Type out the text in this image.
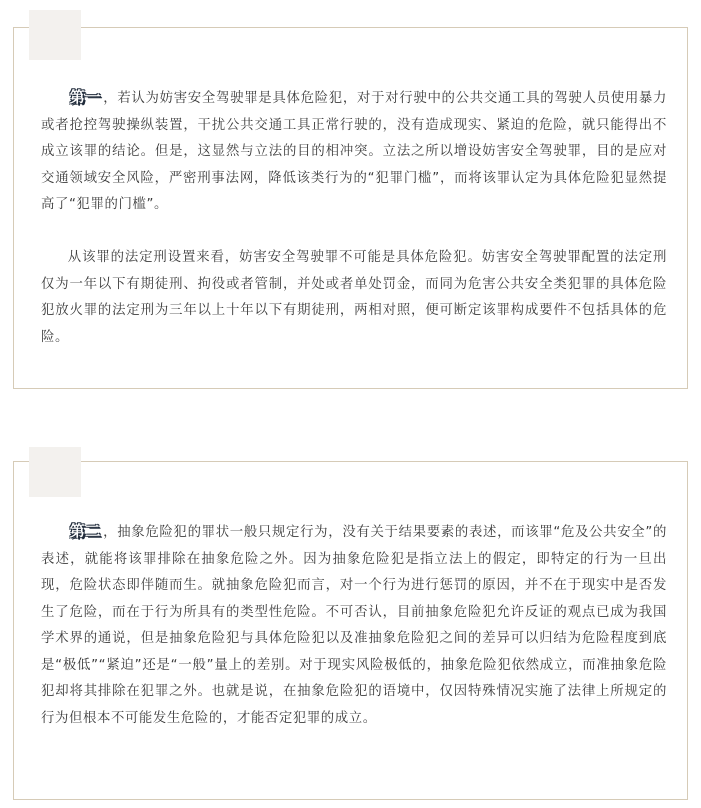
第一 ，若认为妨害安全驾驶罪是具体危险犯，对于对行驶中的公共交通工具的驾驶人员使用暴力或者抢控驾驶操纵装置，干扰公共交通工具正常行驶的，没有造成现实、紧迫的危险，就只能得出不成立该罪的结论。但是，这显然与立法的目的相冲突。立法之所以增设妨害安全驾驶罪，目的是应对交通领域安全风险，严密刑事法网，降低该类行为的“犯罪门槛”，而将该罪认定为具体危险犯显然提高了“犯罪的门槛”。

从该罪的法定刑设置来看，妨害安全驾驶罪不可能是具体危险犯。妨害安全驾驶罪配置的法定刑仅为一年以下有期徒刑、拘役或者管制，并处或者单处罚金，而同为危害公共安全类犯罪的具体危险犯放火罪的法定刑为三年以上十年以下有期徒刑，两相对照，便可断定该罪构成要件不包括具体的危险。

第二 ，抽象危险犯的罪状一般只规定行为，没有关于结果要素的表述，而该罪“危及公共安全”的表述，就能将该罪排除在抽象危险之外。因为抽象危险犯是指立法上的假定，即特定的行为一旦出现，危险状态即伴随而生。就抽象危险犯而言，对一个行为进行惩罚的原因，并不在于现实中是否发生了危险，而在于行为所具有的类型性危险。不可否认，目前抽象危险犯允许反证的观点已成为我国学术界的通说，但是抽象危险犯与具体危险犯以及准抽象危险犯之间的差异可以归结为危险程度到底是“极低”“紧迫”还是“一般”量上的差别。对于现实风险极低的，抽象危险犯依然成立，而准抽象危险犯却将其排除在犯罪之外。也就是说，在抽象危险犯的语境中，仅因特殊情况实施了法律上所规定的行为但根本不可能发生危险的，才能否定犯罪的成立。
